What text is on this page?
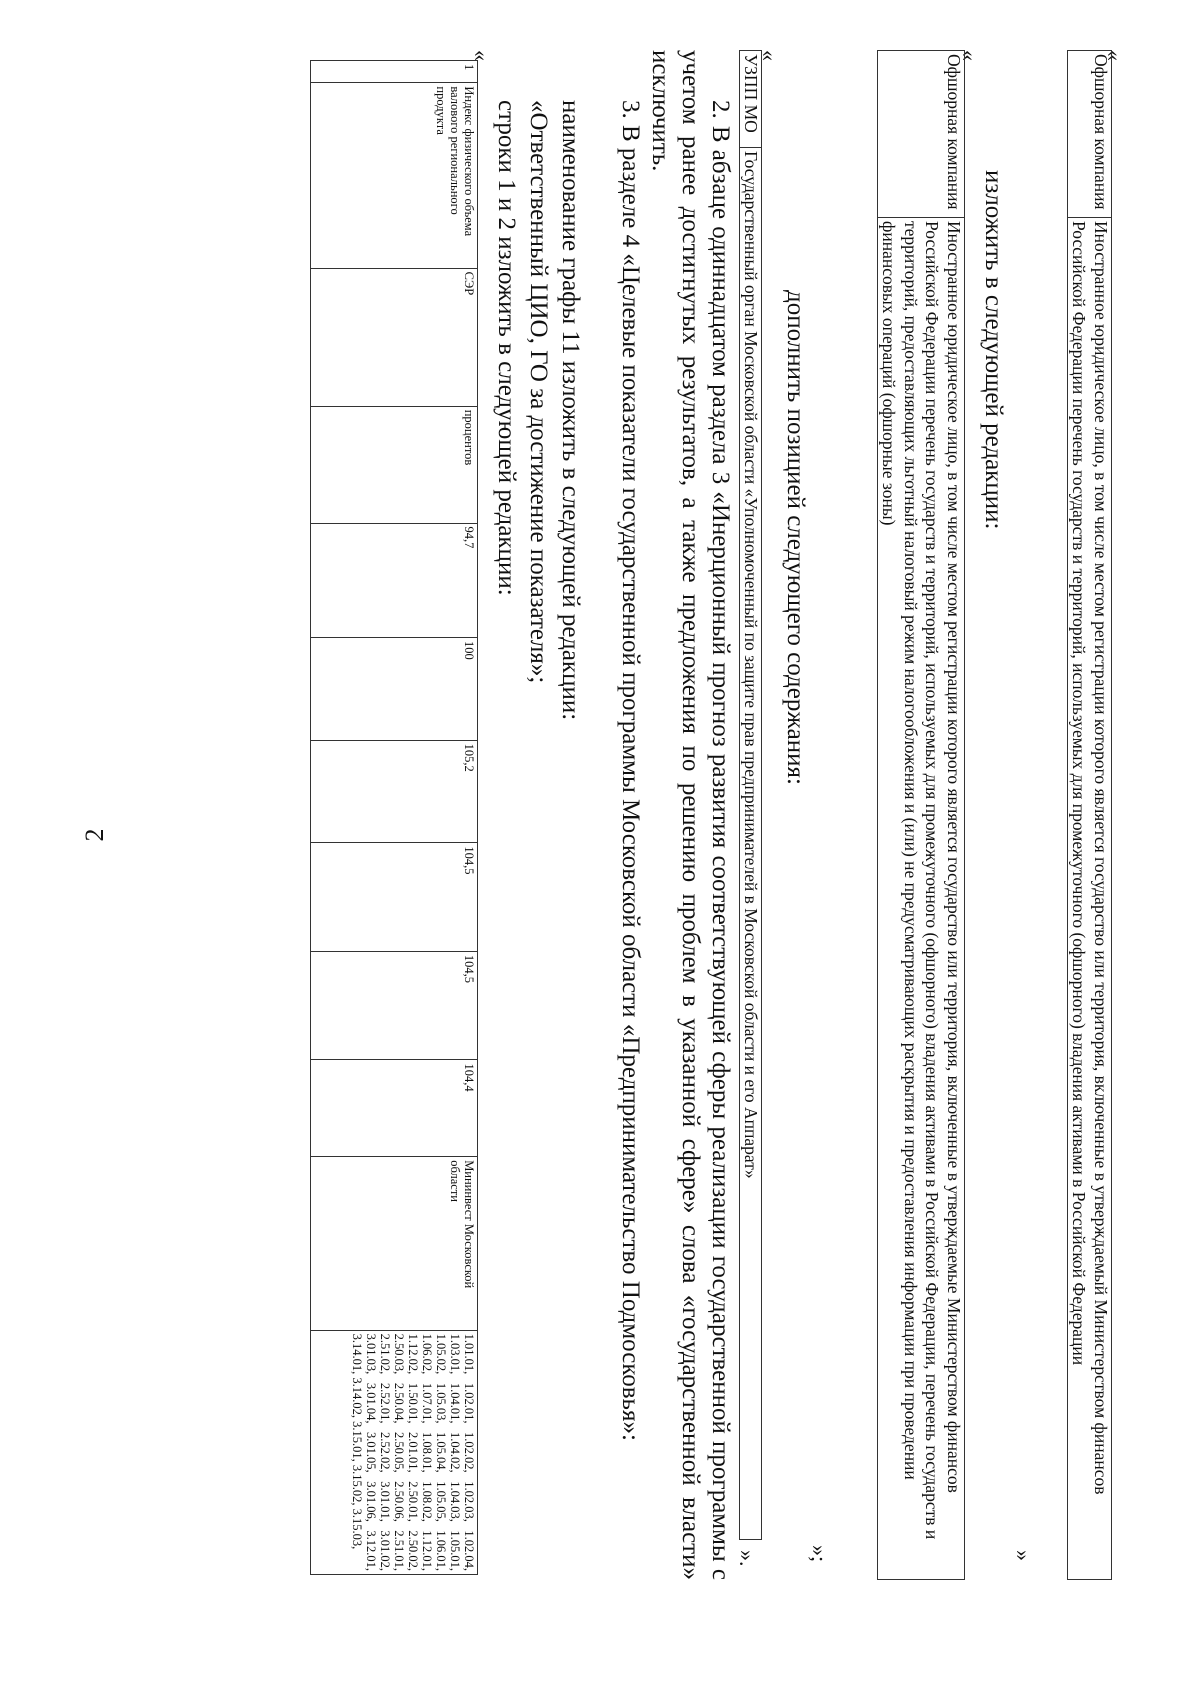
2
«
Офшорная компания	Иностранное юридическое лицо, в том числе местом регистрации которого является государство или территория, включенные в утверждаемый Министерством финансов Российской Федерации перечень государств и территорий, используемых для промежуточного (офшорного) владения активами в Российской Федерации
»
изложить в следующей редакции:
«
Офшорная компания	Иностранное юридическое лицо, в том числе местом регистрации которого является государство или территория, включенные в утверждаемые Министерством финансов Российской Федерации перечень государств и территорий, используемых для промежуточного (офшорного) владения активами в Российской Федерации, перечень государств и территорий, предоставляющих льготный налоговый режим налогообложения и (или) не предусматривающих раскрытия и предоставления информации при проведении финансовых операций (офшорные зоны)
»;
дополнить позицией следующего содержания:
«
УЗПП МО	Государственный орган Московской области «Уполномоченный по защите прав предпринимателей в Московской области и его Аппарат»
».
2. В абзаце одиннадцатом раздела 3 «Инерционный прогноз развития соответствующей сферы реализации государственной программы с учетом ранее достигнутых результатов, а также предложения по решению проблем в указанной сфере» слова «государственной власти» исключить.
3. В разделе 4 «Целевые показатели государственной программы Московской области «Предпринимательство Подмосковья»:
наименование графы 11 изложить в следующей редакции:
«Ответственный ЦИО, ГО за достижение показателя»;
строки 1 и 2 изложить в следующей редакции:
«
1	Индекс физического объема валового регионального продукта	СЭР	процентов	94,7	100	105,2	104,5	104,5	104,4	Мининвест Московской области	1.01.01, 1.02.01, 1.02.02, 1.02.03, 1.02.04, 1.03.01, 1.04.01, 1.04.02, 1.04.03, 1.05.01, 1.05.02, 1.05.03, 1.05.04, 1.05.05, 1.06.01, 1.06.02, 1.07.01, 1.08.01, 1.08.02, 1.12.01, 1.12.02, 1.50.01, 2.01.01, 2.50.01, 2.50.02, 2.50.03, 2.50.04, 2.50.05, 2.50.06, 2.51.01, 2.51.02, 2.52.01, 2.52.02, 3.01.01, 3.01.02, 3.01.03, 3.01.04, 3.01.05, 3.01.06, 3.12.01, 3.14.01, 3.14.02, 3.15.01, 3.15.02, 3.15.03,
